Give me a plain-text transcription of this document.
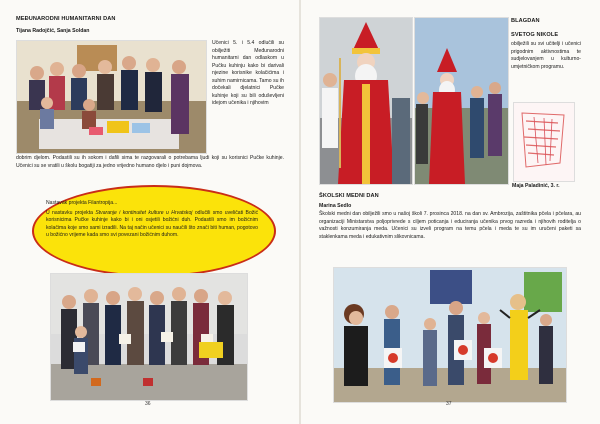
MEĐUNARODNI HUMANITARNI DAN
Tijana Radojčić, Sanja Soldan
Učenici 5. i 5.4 odlučili su obilježiti Međunarodni humanitarni dan odlaskom u Pučku kuhinju kako bi darivali njezine korisnike kolačićima i suhim namirnicama. Tamo su ih dočekali djelatnici Pučke kuhinje koji su bili oduševljeni idejom učenika i njihovim
dobrim djelom. Podastili su ih sokom i dafili sima te razgovarali o potrebama ljudi koji su korisnici Pučke kuhinje. Učenici su se vratili u školu bogatiji za jedno vrijedno humano djelo i puni dojmova.
Nastavak projekta Filantropija...
U nastavku projekta Stvaranje i kontinuitet kulture u Hrvatskoj odlučili smo uveličati Božić korisnicima Pučke kuhinje kako bi i oni osjetili božićni duh. Podastili smo im božićnim kolačima koje smo sami izradili. Na taj način učenici su naučili što znači biti human, pogotovo u božićno vrijeme kada smo svi povezani božićnim duhom.
36
BLAGDAN
SVETOG NIKOLE
obilježili su svi učitelji i učenici prigodnim aktivnostima te sudjelovanjem u kulturno-umjetničkom programu.
Maja Paladinić, 3. r.
ŠKOLSKI MEDNI DAN
Marina Sedlo
Školski medni dan obilježili smo u našoj školi 7. prosinca 2018. na dan sv. Ambrozija, zaštitnika pčela i pčelara, au organizaciji Ministarstva poljoprivrede s ciljem poticanja i educiranja učenika prvog razreda i njihovih roditelja o važnosti konzumiranja meda. Učenici su izveli program na temu pčela i meda te su im uručeni paketi sa staklenkama meda i edukativnim slikovnicama.
37
